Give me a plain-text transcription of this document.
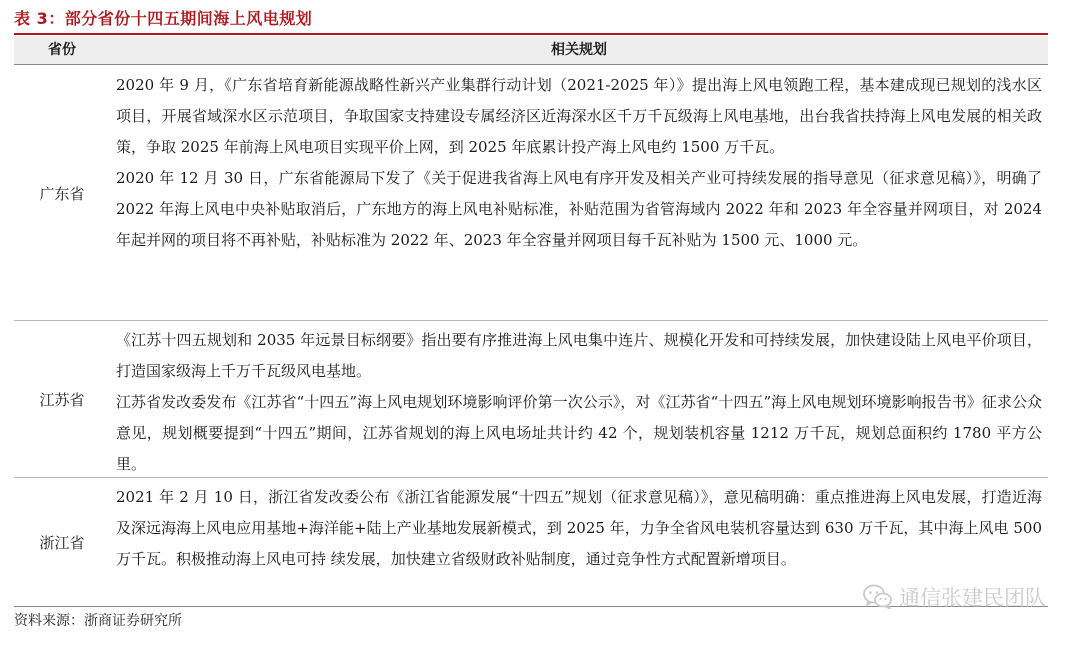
表 3：部分省份十四五期间海上风电规划
省份	相关规划
广东省

2020 年 9 月，《广东省培育新能源战略性新兴产业集群行动计划（2021-2025 年）》提出海上风电领跑工程，基本建成现已规划的浅水区项目，开展省域深水区示范项目，争取国家支持建设专属经济区近海深水区千万千瓦级海上风电基地，出台我省扶持海上风电发展的相关政策，争取 2025 年前海上风电项目实现平价上网，到 2025 年底累计投产海上风电约 1500 万千瓦。

2020 年 12 月 30 日，广东省能源局下发了《关于促进我省海上风电有序开发及相关产业可持续发展的指导意见（征求意见稿）》，明确了 2022 年海上风电中央补贴取消后，广东地方的海上风电补贴标准，补贴范围为省管海域内 2022 年和 2023 年全容量并网项目，对 2024 年起并网的项目将不再补贴，补贴标准为 2022 年、2023 年全容量并网项目每千瓦补贴为 1500 元、1000 元。

江苏省

《江苏十四五规划和 2035 年远景目标纲要》指出要有序推进海上风电集中连片、规模化开发和可持续发展，加快建设陆上风电平价项目，打造国家级海上千万千瓦级风电基地。

江苏省发改委发布《江苏省“十四五”海上风电规划环境影响评价第一次公示》，对《江苏省“十四五”海上风电规划环境影响报告书》征求公众意见，规划概要提到“十四五”期间，江苏省规划的海上风电场址共计约 42 个，规划装机容量 1212 万千瓦，规划总面积约 1780 平方公里。

浙江省

2021 年 2 月 10 日，浙江省发改委公布《浙江省能源发展“十四五”规划（征求意见稿）》，意见稿明确：重点推进海上风电发展，打造近海及深远海海上风电应用基地+海洋能+陆上产业基地发展新模式，到 2025 年，力争全省风电装机容量达到 630 万千瓦，其中海上风电 500 万千瓦。积极推动海上风电可持 续发展，加快建立省级财政补贴制度，通过竞争性方式配置新增项目。

资料来源：浙商证券研究所
通信张建民团队
